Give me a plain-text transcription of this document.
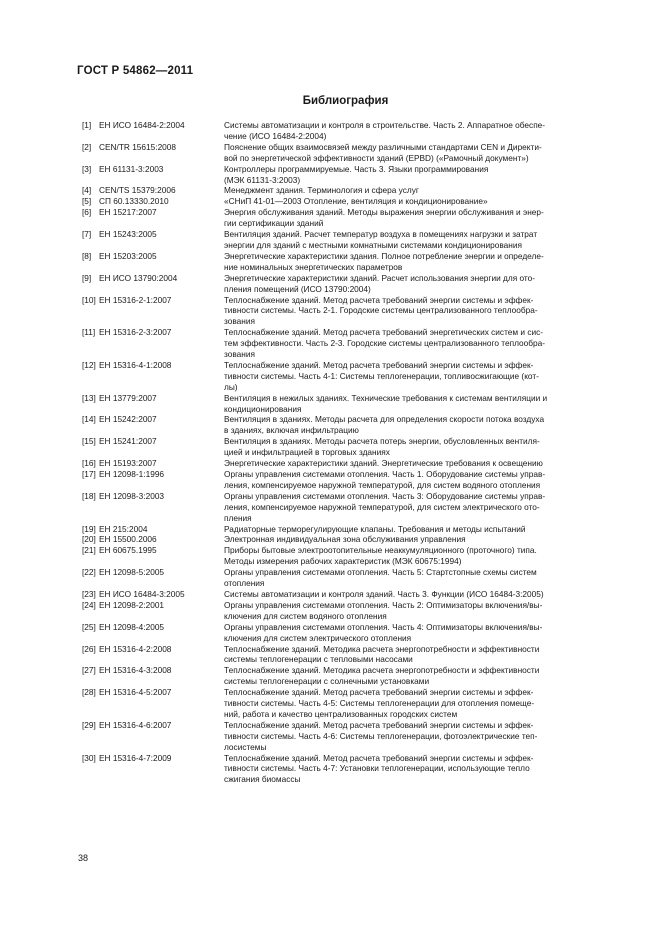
ГОСТ Р 54862—2011
Библиография
[1] ЕН ИСО 16484-2:2004	Системы автоматизации и контроля в строительстве. Часть 2. Аппаратное обеспе-
чение (ИСО 16484-2:2004)
[2] CEN/TR 15615:2008	Пояснение общих взаимосвязей между различными стандартами CEN и Директи-
вой по энергетической эффективности зданий (EPBD) («Рамочный документ»)
[3] ЕН 61131-3:2003	Контроллеры программируемые. Часть 3. Языки программирования
(МЭК 61131-3:2003)
[4] CEN/TS 15379:2006	Менеджмент здания. Терминология и сфера услуг
[5] СП 60.13330.2010	«СНиП 41-01—2003 Отопление, вентиляция и кондиционирование»
[6] ЕН 15217:2007	Энергия обслуживания зданий. Методы выражения энергии обслуживания и энер-
гии сертификации зданий
[7] ЕН 15243:2005	Вентиляция зданий. Расчет температур воздуха в помещениях нагрузки и затрат
энергии для зданий с местными комнатными системами кондиционирования
[8] ЕН 15203:2005	Энергетические характеристики здания. Полное потребление энергии и определе-
ние номинальных энергетических параметров
[9] ЕН ИСО 13790:2004	Энергетические характеристики зданий. Расчет использования энергии для ото-
пления помещений (ИСО 13790:2004)
[10] ЕН 15316-2-1:2007	Теплоснабжение зданий. Метод расчета требований энергии системы и эффек-
тивности системы. Часть 2-1. Городские системы централизованного теплообра-
зования
[11] ЕН 15316-2-3:2007	Теплоснабжение зданий. Метод расчета требований энергетических систем и сис-
тем эффективности. Часть 2-3. Городские системы централизованного теплообра-
зования
[12] ЕН 15316-4-1:2008	Теплоснабжение зданий. Метод расчета требований энергии системы и эффек-
тивности системы. Часть 4-1: Системы теплогенерации, топливосжигающие (кот-
лы)
[13] ЕН 13779:2007	Вентиляция в нежилых зданиях. Технические требования к системам вентиляции и
кондиционирования
[14] ЕН 15242:2007	Вентиляция в зданиях. Методы расчета для определения скорости потока воздуха
в зданиях, включая инфильтрацию
[15] ЕН 15241:2007	Вентиляция в зданиях. Методы расчета потерь энергии, обусловленных вентиля-
цией и инфильтрацией в торговых зданиях
[16] ЕН 15193:2007	Энергетические характеристики зданий. Энергетические требования к освещению
[17] ЕН 12098-1:1996	Органы управления системами отопления. Часть 1. Оборудование системы управ-
ления, компенсируемое наружной температурой, для систем водяного отопления
[18] ЕН 12098-3:2003	Органы управления системами отопления. Часть 3: Оборудование системы управ-
ления, компенсируемое наружной температурой, для систем электрического ото-
пления
[19] ЕН 215:2004	Радиаторные терморегулирующие клапаны. Требования и методы испытаний
[20] ЕН 15500.2006	Электронная индивидуальная зона обслуживания управления
[21] ЕН 60675.1995	Приборы бытовые электроотопительные неаккумуляционного (проточного) типа.
Методы измерения рабочих характеристик (МЭК 60675:1994)
[22] ЕН 12098-5:2005	Органы управления системами отопления. Часть 5: Стартстопные схемы систем
отопления
[23] ЕН ИСО 16484-3:2005	Системы автоматизации и контроля зданий. Часть 3. Функции (ИСО 16484-3:2005)
[24] ЕН 12098-2:2001	Органы управления системами отопления. Часть 2: Оптимизаторы включения/вы-
ключения для систем водяного отопления
[25] ЕН 12098-4:2005	Органы управления системами отопления. Часть 4: Оптимизаторы включения/вы-
ключения для систем электрического отопления
[26] ЕН 15316-4-2:2008	Теплоснабжение зданий. Методика расчета энергопотребности и эффективности
системы теплогенерации с тепловыми насосами
[27] ЕН 15316-4-3:2008	Теплоснабжение зданий. Методика расчета энергопотребности и эффективности
системы теплогенерации с солнечными установками
[28] ЕН 15316-4-5:2007	Теплоснабжение зданий. Метод расчета требований энергии системы и эффек-
тивности системы. Часть 4-5: Системы теплогенерации для отопления помеще-
ний, работа и качество централизованных городских систем
[29] ЕН 15316-4-6:2007	Теплоснабжение зданий. Метод расчета требований энергии системы и эффек-
тивности системы. Часть 4-6: Системы теплогенерации, фотоэлектрические теп-
лосистемы
[30] ЕН 15316-4-7:2009	Теплоснабжение зданий. Метод расчета требований энергии системы и эффек-
тивности системы. Часть 4-7: Установки теплогенерации, использующие тепло
сжигания биомассы
38
